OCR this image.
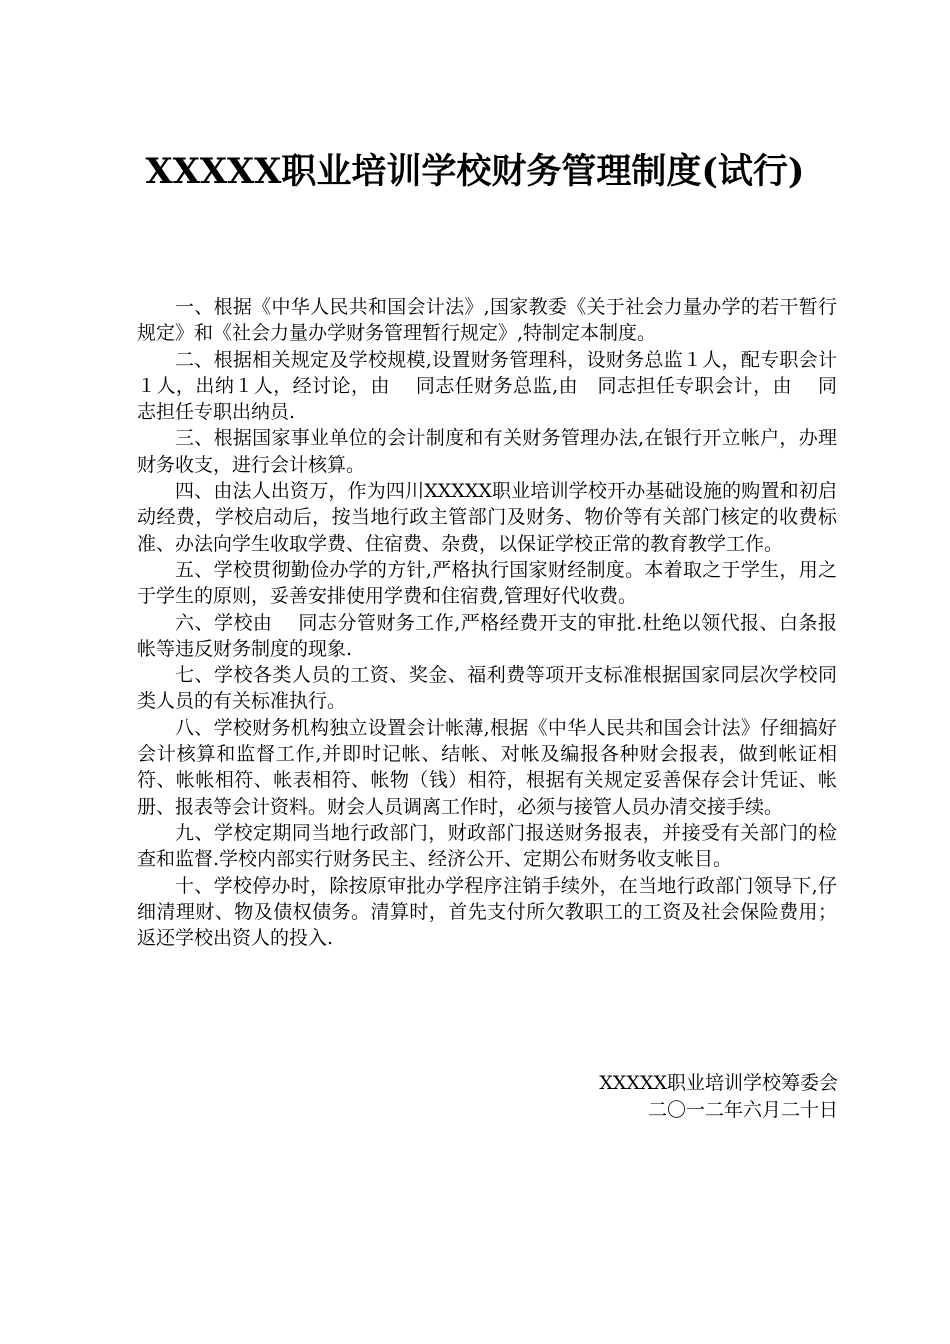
XXXXX职业培训学校财务管理制度(试行)

一、根据《中华人民共和国会计法》,国家教委《关于社会力量办学的若干暂行规定》和《社会力量办学财务管理暂行规定》,特制定本制度。

二、根据相关规定及学校规模,设置财务管理科，设财务总监１人，配专职会计１人，出纳１人，经讨论，由　 同志任财务总监,由　同志担任专职会计，由　 同志担任专职出纳员.

三、根据国家事业单位的会计制度和有关财务管理办法,在银行开立帐户，办理财务收支，进行会计核算。

四、由法人出资万，作为四川XXXXX职业培训学校开办基础设施的购置和初启动经费，学校启动后，按当地行政主管部门及财务、物价等有关部门核定的收费标准、办法向学生收取学费、住宿费、杂费，以保证学校正常的教育教学工作。

五、学校贯彻勤俭办学的方针,严格执行国家财经制度。本着取之于学生，用之于学生的原则，妥善安排使用学费和住宿费,管理好代收费。

六、学校由　 同志分管财务工作,严格经费开支的审批.杜绝以领代报、白条报帐等违反财务制度的现象.

七、学校各类人员的工资、奖金、福利费等项开支标准根据国家同层次学校同类人员的有关标准执行。

八、学校财务机构独立设置会计帐薄,根据《中华人民共和国会计法》仔细搞好会计核算和监督工作,并即时记帐、结帐、对帐及编报各种财会报表，做到帐证相符、帐帐相符、帐表相符、帐物（钱）相符，根据有关规定妥善保存会计凭证、帐册、报表等会计资料。财会人员调离工作时，必须与接管人员办清交接手续。

九、学校定期同当地行政部门，财政部门报送财务报表，并接受有关部门的检查和监督.学校内部实行财务民主、经济公开、定期公布财务收支帐目。

十、学校停办时，除按原审批办学程序注销手续外，在当地行政部门领导下,仔细清理财、物及债权债务。清算时，首先支付所欠教职工的工资及社会保险费用；返还学校出资人的投入.

XXXXX职业培训学校筹委会
二〇一二年六月二十日
